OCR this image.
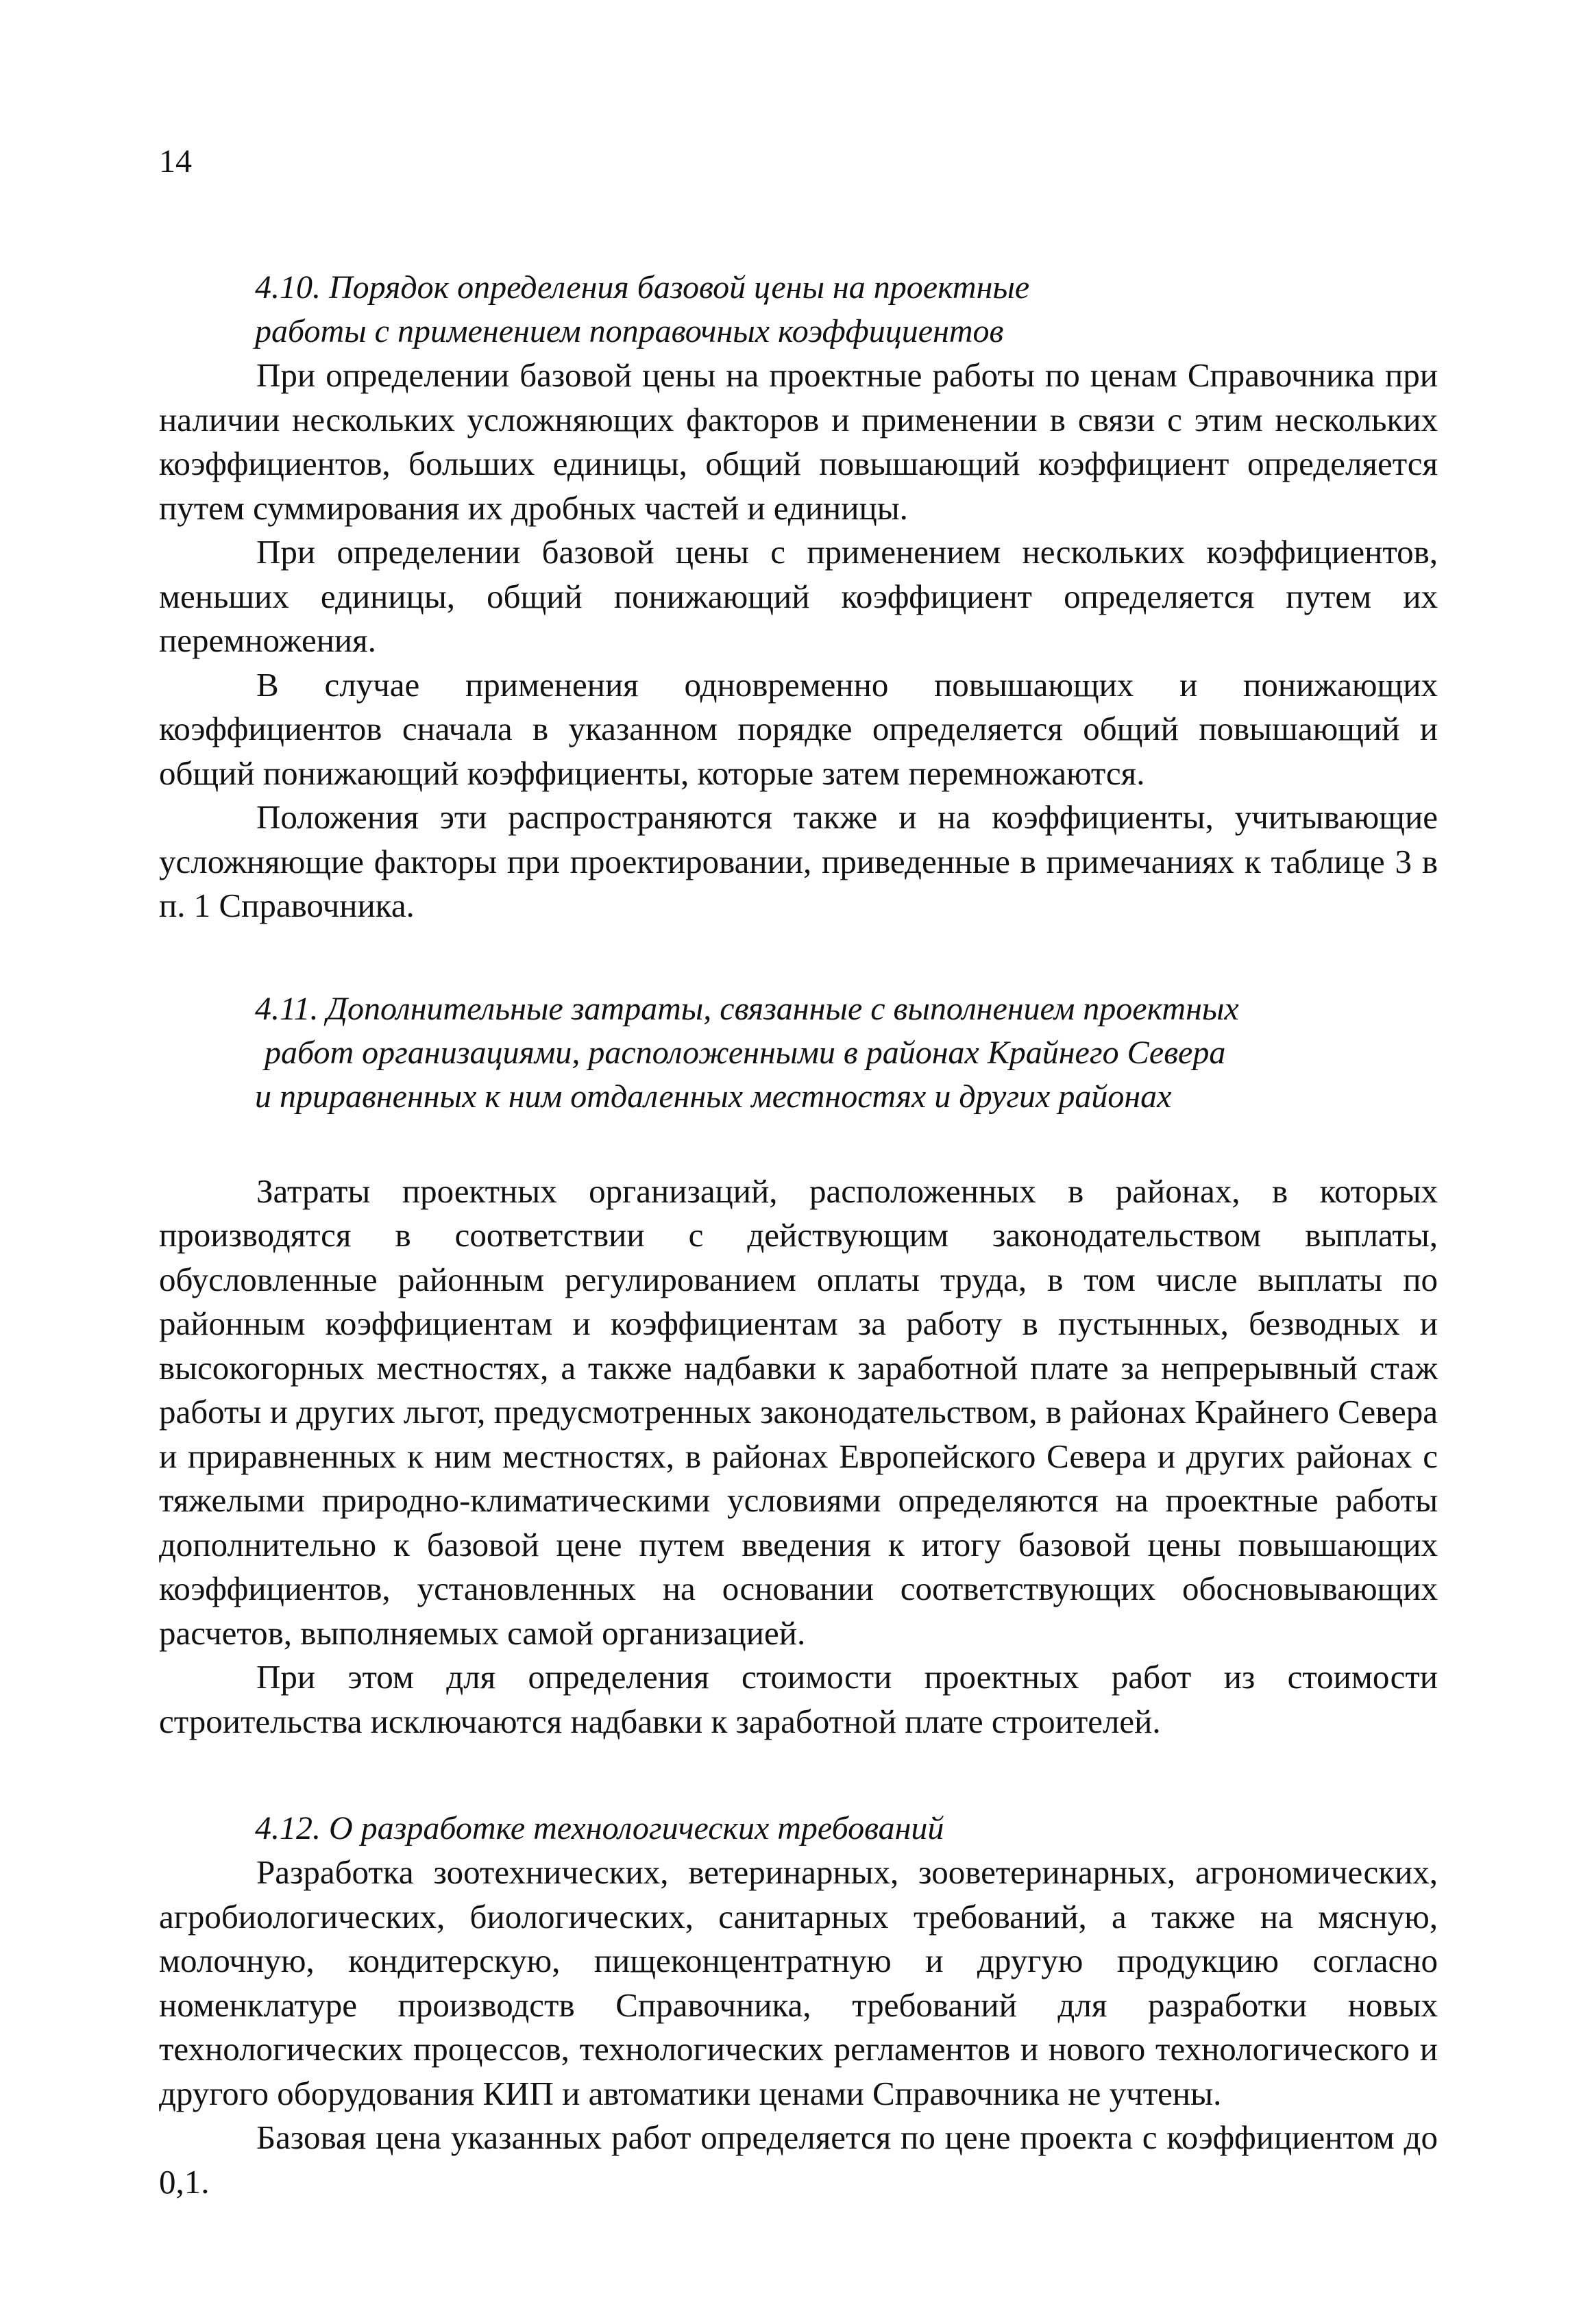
14
4.10. Порядок определения базовой цены на проектные
работы с применением поправочных коэффициентов

При определении базовой цены на проектные работы по ценам Справочника при наличии нескольких усложняющих факторов и применении в связи с этим нескольких коэффициентов, больших единицы, общий повышающий коэффициент определяется путем суммирования их дробных частей и единицы.

При определении базовой цены с применением нескольких коэффициентов, меньших единицы, общий понижающий коэффициент определяется путем их перемножения.

В случае применения одновременно повышающих и понижающих коэффициентов сначала в указанном порядке определяется общий повышающий и общий понижающий коэффициенты, которые затем перемножаются.

Положения эти распространяются также и на коэффициенты, учитывающие усложняющие факторы при проектировании, приведенные в примечаниях к таблице 3 в п. 1 Справочника.

4.11. Дополнительные затраты, связанные с выполнением проектных
работ организациями, расположенными в районах Крайнего Севера
и приравненных к ним отдаленных местностях и других районах

Затраты проектных организаций, расположенных в районах, в которых производятся в соответствии с действующим законодательством выплаты, обусловленные районным регулированием оплаты труда, в том числе выплаты по районным коэффициентам и коэффициентам за работу в пустынных, безводных и высокогорных местностях, а также надбавки к заработной плате за непрерывный стаж работы и других льгот, предусмотренных законодательством, в районах Крайнего Севера и приравненных к ним местностях, в районах Европейского Севера и других районах с тяжелыми природно-климатическими условиями определяются на проектные работы дополнительно к базовой цене путем введения к итогу базовой цены повышающих коэффициентов, установленных на основании соответствующих обосновывающих расчетов, выполняемых самой организацией.

При этом для определения стоимости проектных работ из стоимости строительства исключаются надбавки к заработной плате строителей.

4.12. О разработке технологических требований

Разработка зоотехнических, ветеринарных, зооветеринарных, агрономических, агробиологических, биологических, санитарных требований, а также на мясную, молочную, кондитерскую, пищеконцентратную и другую продукцию согласно номенклатуре производств Справочника, требований для разработки новых технологических процессов, технологических регламентов и нового технологического и другого оборудования КИП и автоматики ценами Справочника не учтены.

Базовая цена указанных работ определяется по цене проекта с коэффициентом до 0,1.
